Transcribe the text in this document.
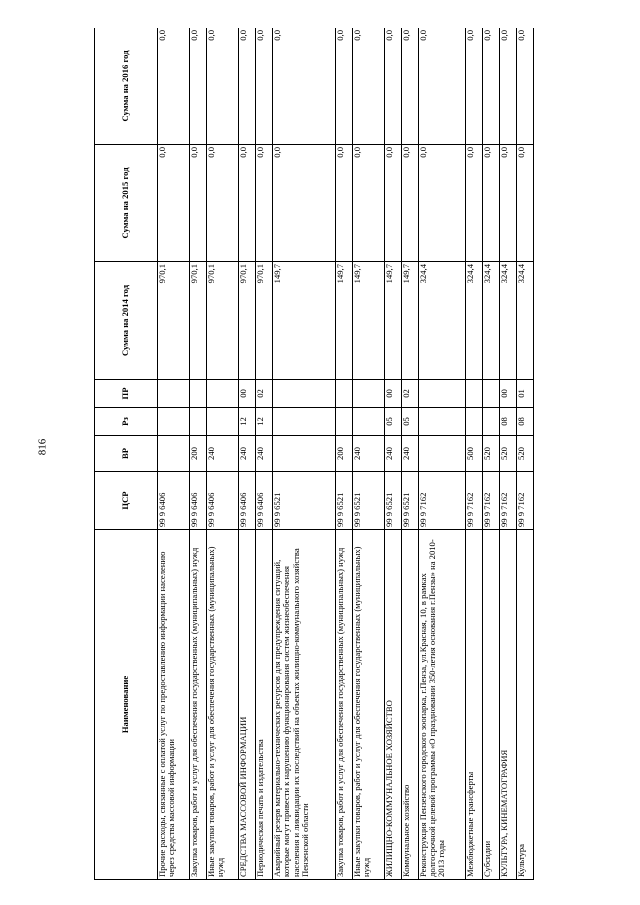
816
Наименование	ЦСР	ВР	Рз	ПР	Сумма на 2014 год	Сумма на 2015 год	Сумма на 2016 год
Прочие расходы, связанные с оплатой услуг по предоставлению информации населению через средства массовой информации	99 9 6406				970,1	0,0	0,0
Закупка товаров, работ и услуг для обеспечения государственных (муниципальных) нужд	99 9 6406	200			970,1	0,0	0,0
Иные закупки товаров, работ и услуг для обеспечения государственных (муниципальных) нужд	99 9 6406	240			970,1	0,0	0,0
СРЕДСТВА МАССОВОЙ ИНФОРМАЦИИ	99 9 6406	240	12	00	970,1	0,0	0,0
Периодическая печать и издательства	99 9 6406	240	12	02	970,1	0,0	0,0
Аварийный резерв материально-технических ресурсов для предупреждения ситуаций, которые могут привести к нарушению функционирования систем жизнеобеспечения населения и ликвидации их последствий на объектах жилищно-коммунального хозяйства Пензенской области	99 9 6521				149,7	0,0	0,0
Закупка товаров, работ и услуг для обеспечения государственных (муниципальных) нужд	99 9 6521	200			149,7	0,0	0,0
Иные закупки товаров, работ и услуг для обеспечения государственных (муниципальных) нужд	99 9 6521	240			149,7	0,0	0,0
ЖИЛИЩНО-КОММУНАЛЬНОЕ ХОЗЯЙСТВО	99 9 6521	240	05	00	149,7	0,0	0,0
Коммунальное хозяйство	99 9 6521	240	05	02	149,7	0,0	0,0
Реконструкция Пензенского городского зоопарка, г.Пенза, ул.Красная, 10, в рамках долгосрочной целевой программы «О праздновании 350-летия основания г.Пензы» на 2010-2013 годы	99 9 7162				324,4	0,0	0,0
Межбюджетные трансферты	99 9 7162	500			324,4	0,0	0,0
Субсидии	99 9 7162	520			324,4	0,0	0,0
КУЛЬТУРА, КИНЕМАТОГРАФИЯ	99 9 7162	520	08	00	324,4	0,0	0,0
Культура	99 9 7162	520	08	01	324,4	0,0	0,0
